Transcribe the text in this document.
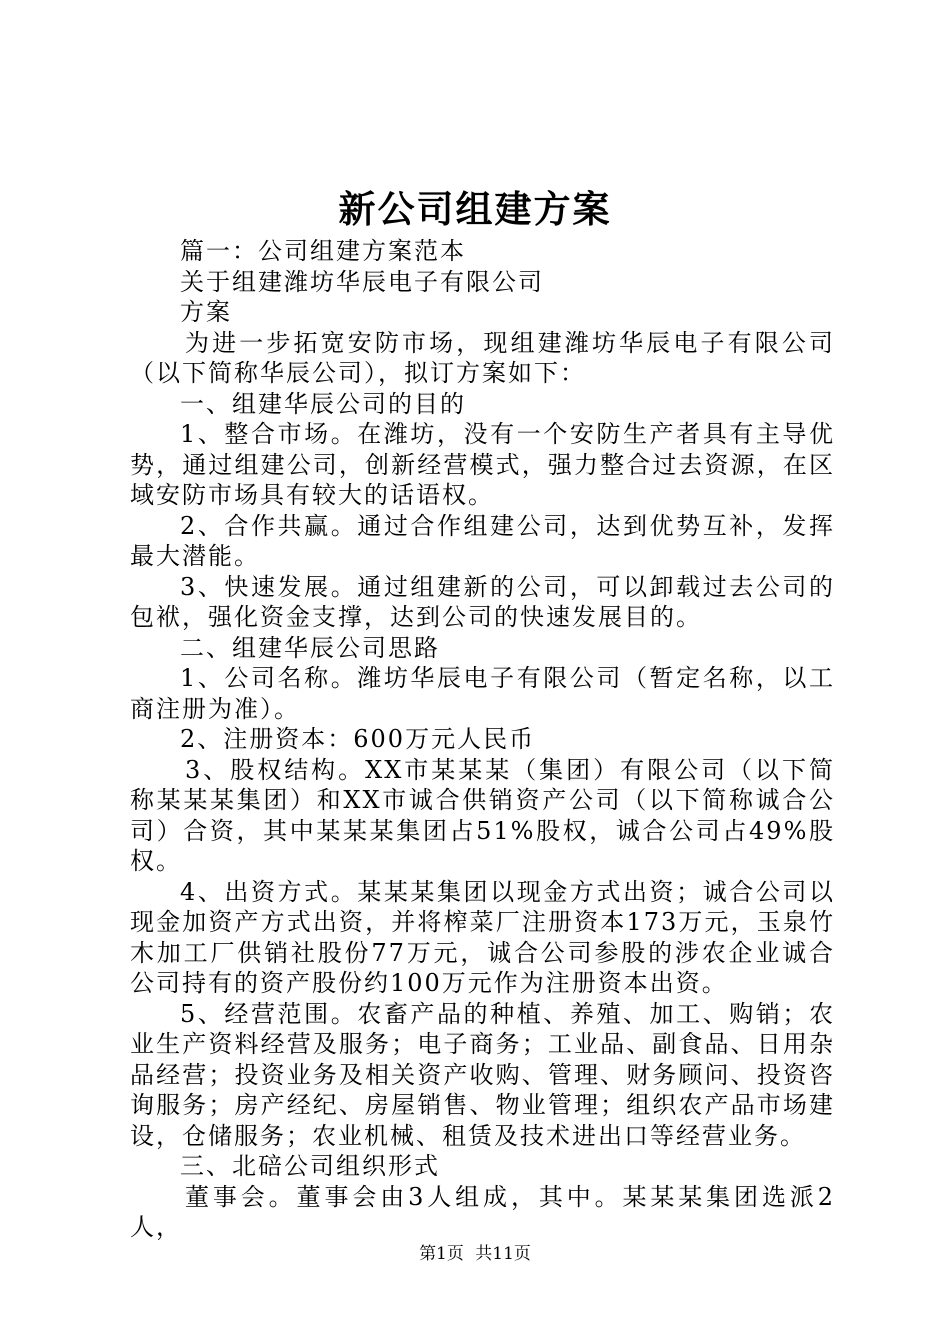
新公司组建方案

篇一：公司组建方案范本

关于组建潍坊华辰电子有限公司

方案

为进一步拓宽安防市场，现组建潍坊华辰电子有限公司（以下简称华辰公司），拟订方案如下：

一、组建华辰公司的目的

1、整合市场。在潍坊，没有一个安防生产者具有主导优势，通过组建公司，创新经营模式，强力整合过去资源，在区域安防市场具有较大的话语权。

2、合作共赢。通过合作组建公司，达到优势互补，发挥最大潜能。

3、快速发展。通过组建新的公司，可以卸载过去公司的包袱，强化资金支撑，达到公司的快速发展目的。

二、组建华辰公司思路

1、公司名称。潍坊华辰电子有限公司（暂定名称，以工商注册为准）。

2、注册资本：600万元人民币

3、股权结构。XX市某某某（集团）有限公司（以下简称某某某集团）和XX市诚合供销资产公司（以下简称诚合公司）合资，其中某某某集团占51%股权，诚合公司占49%股权。

4、出资方式。某某某集团以现金方式出资；诚合公司以现金加资产方式出资，并将榨菜厂注册资本173万元，玉泉竹木加工厂供销社股份77万元，诚合公司参股的涉农企业诚合公司持有的资产股份约100万元作为注册资本出资。

5、经营范围。农畜产品的种植、养殖、加工、购销；农业生产资料经营及服务；电子商务；工业品、副食品、日用杂品经营；投资业务及相关资产收购、管理、财务顾问、投资咨询服务；房产经纪、房屋销售、物业管理；组织农产品市场建设，仓储服务；农业机械、租赁及技术进出口等经营业务。

三、北碚公司组织形式

董事会。董事会由3人组成，其中。某某某集团选派2人，

第1页 共11页
